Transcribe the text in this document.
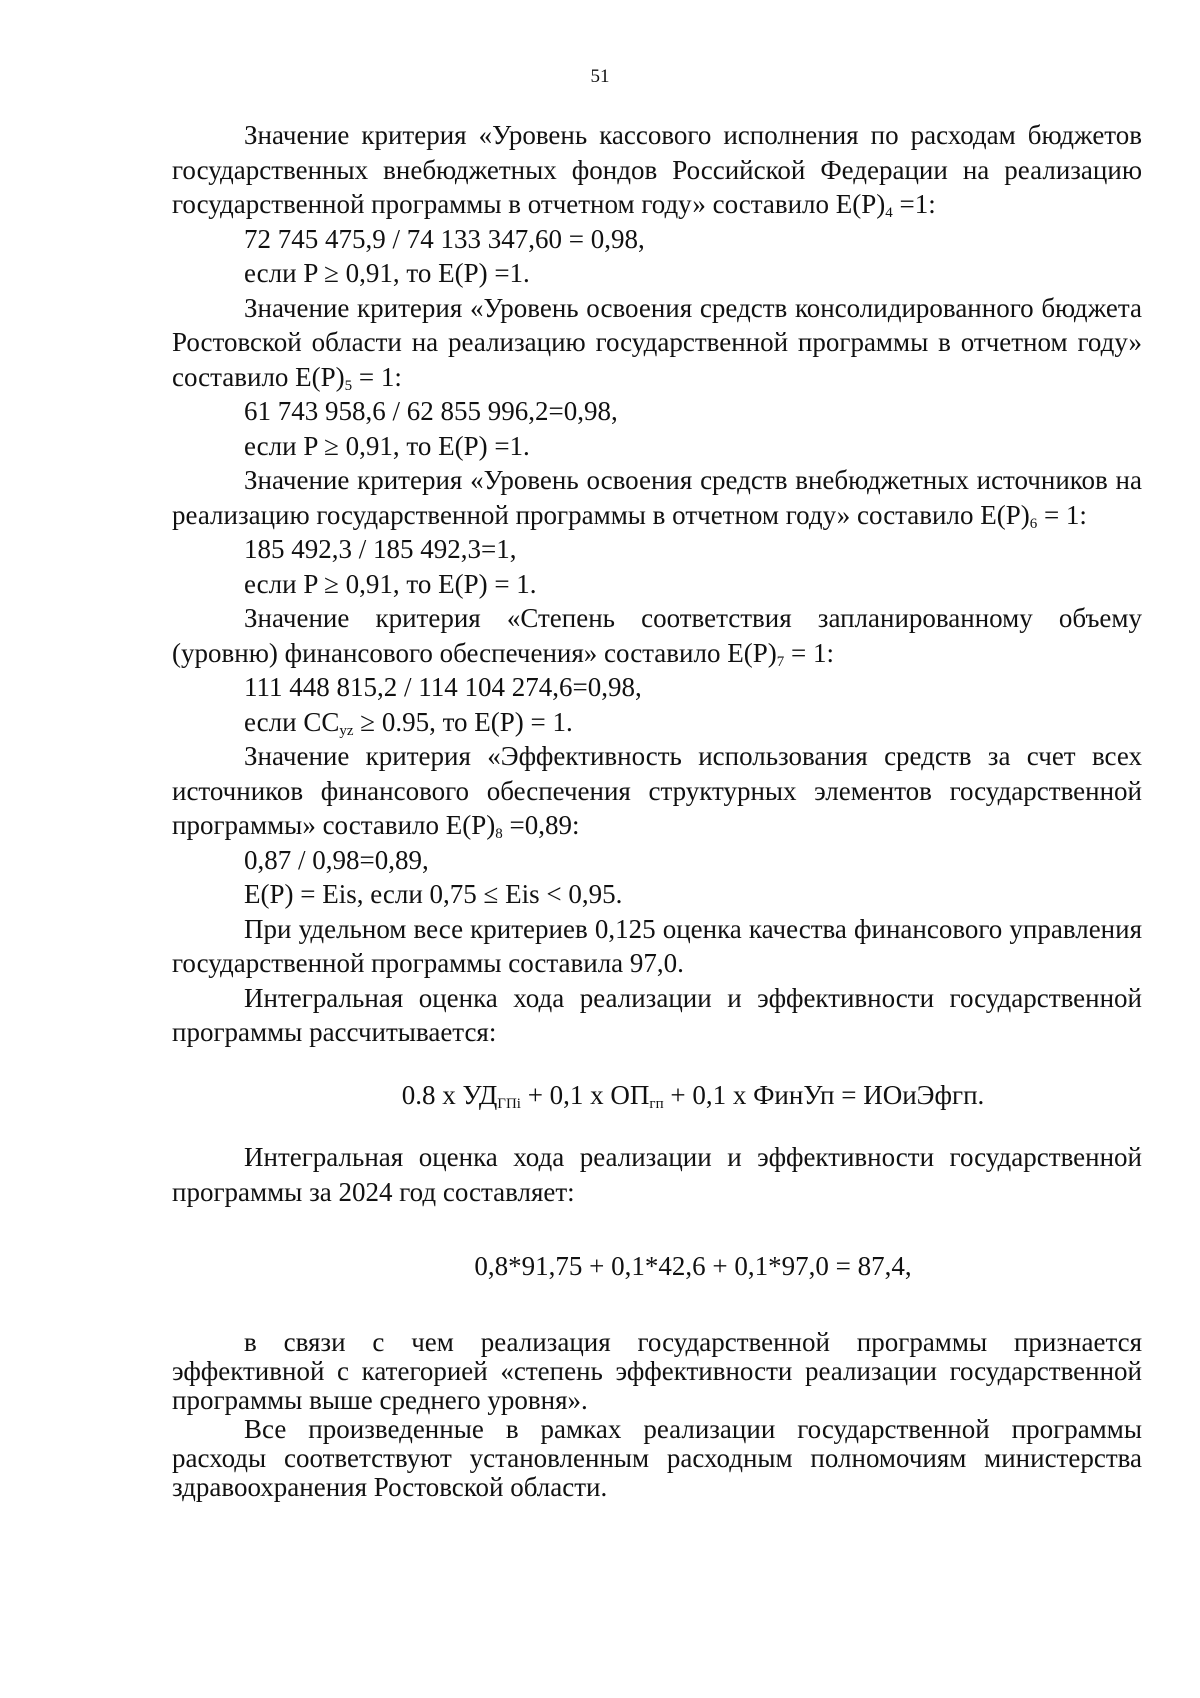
51

Значение критерия «Уровень кассового исполнения по расходам бюджетов государственных внебюджетных фондов Российской Федерации на реализацию государственной программы в отчетном году» составило $E(P)_4 =1$:

72 745 475,9 / 74 133 347,60 = 0,98,

если P ≥ 0,91, то E(P) =1.

Значение критерия «Уровень освоения средств консолидированного бюджета Ростовской области на реализацию государственной программы в отчетном году» составило $E(P)_5 = 1$:

61 743 958,6 / 62 855 996,2=0,98,

если P ≥ 0,91, то E(P) =1.

Значение критерия «Уровень освоения средств внебюджетных источников на реализацию государственной программы в отчетном году» составило $E(P)_6 = 1$:

185 492,3 / 185 492,3=1,

если P ≥ 0,91, то E(P) = 1.

Значение критерия «Степень соответствия запланированному объему (уровню) финансового обеспечения» составило $E(P)_7 = 1$:

111 448 815,2 / 114 104 274,6=0,98,

если $CC_{yz} \ge 0.95$, то E(P) = 1.

Значение критерия «Эффективность использования средств за счет всех источников финансового обеспечения структурных элементов государственной программы» составило $E(P)_8 =0,89$:

0,87 / 0,98=0,89,

E(P) = Eis, если 0,75 ≤ Eis < 0,95.

При удельном весе критериев 0,125 оценка качества финансового управления государственной программы составила 97,0.

Интегральная оценка хода реализации и эффективности государственной программы рассчитывается:

0.8 x $УД_{ГПi} + 0,1$ x $ОП_{гп} + 0,1$ x ФинУп = ИОиЭфгп.

Интегральная оценка хода реализации и эффективности государственной программы за 2024 год составляет:

0,8*91,75 + 0,1*42,6 + 0,1*97,0 = 87,4,

в связи с чем реализация государственной программы признается эффективной с категорией «степень эффективности реализации государственной программы выше среднего уровня».

Все произведенные в рамках реализации государственной программы расходы соответствуют установленным расходным полномочиям министерства здравоохранения Ростовской области.
